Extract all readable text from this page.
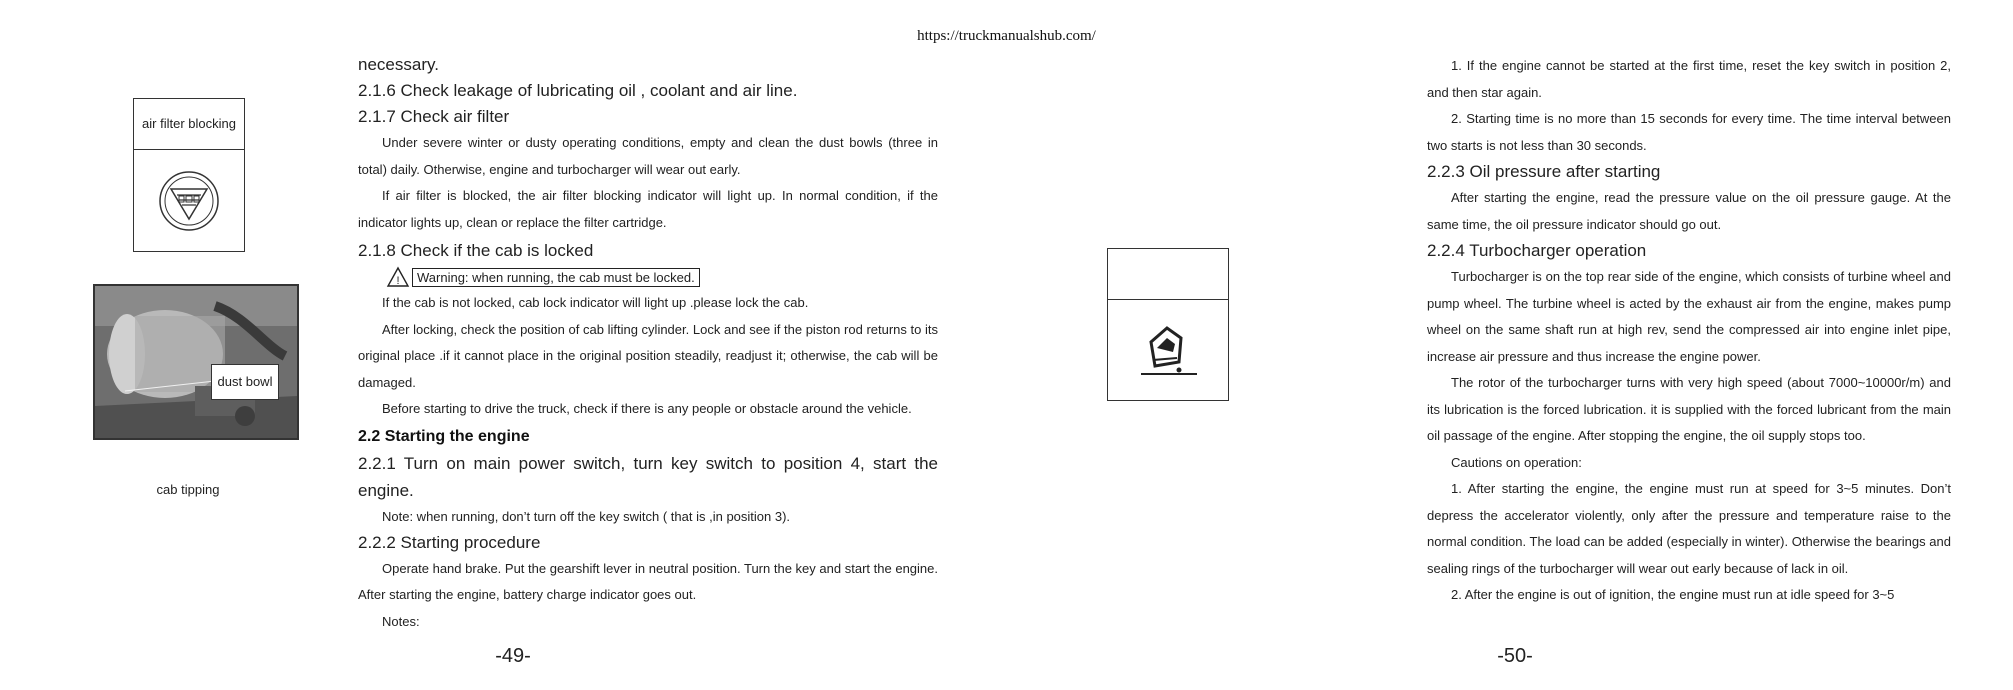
https://truckmanualshub.com/
air filter blocking
dust bowl
cab tipping

necessary.

2.1.6 Check leakage of lubricating oil , coolant and air line.

2.1.7 Check air filter

Under severe winter or dusty operating conditions, empty and clean the dust bowls (three in total) daily. Otherwise, engine and turbocharger will wear out early.

If air filter is blocked, the air filter blocking indicator will light up. In normal condition, if the indicator lights up, clean or replace the filter cartridge.

2.1.8 Check if the cab is locked

!	Warning: when running, the cab must be locked.

If the cab is not locked, cab lock indicator will light up .please lock the cab.

After locking, check the position of cab lifting cylinder. Lock and see if the piston rod returns to its original place .if it cannot place in the original position steadily, readjust it; otherwise, the cab will be damaged.

Before starting to drive the truck, check if there is any people or obstacle around the vehicle.

2.2 Starting the engine

2.2.1 Turn on main power switch, turn key switch to position 4, start the engine.

Note: when running, don’t turn off the key switch ( that is ,in position 3).

2.2.2 Starting procedure

Operate hand brake. Put the gearshift lever in neutral position. Turn the key and start the engine. After starting the engine, battery charge indicator goes out.

Notes:

-49-

1. If the engine cannot be started at the first time, reset the key switch in position 2, and then star again.

2. Starting time is no more than 15 seconds for every time. The time interval between two starts is not less than 30 seconds.

2.2.3 Oil pressure after starting

After starting the engine, read the pressure value on the oil pressure gauge. At the same time, the oil pressure indicator should go out.

2.2.4 Turbocharger operation

Turbocharger is on the top rear side of the engine, which consists of turbine wheel and pump wheel. The turbine wheel is acted by the exhaust air from the engine, makes pump wheel on the same shaft run at high rev, send the compressed air into engine inlet pipe, increase air pressure and thus increase the engine power.

The rotor of the turbocharger turns with very high speed (about 7000~10000r/m) and its lubrication is the forced lubrication. it is supplied with the forced lubricant from the main oil passage of the engine. After stopping the engine, the oil supply stops too.

Cautions on operation:

1. After starting the engine, the engine must run at speed for 3~5 minutes. Don’t depress the accelerator violently, only after the pressure and temperature raise to the normal condition. The load can be added (especially in winter). Otherwise the bearings and sealing rings of the turbocharger will wear out early because of lack in oil.

2. After the engine is out of ignition, the engine must run at idle speed for 3~5

-50-
